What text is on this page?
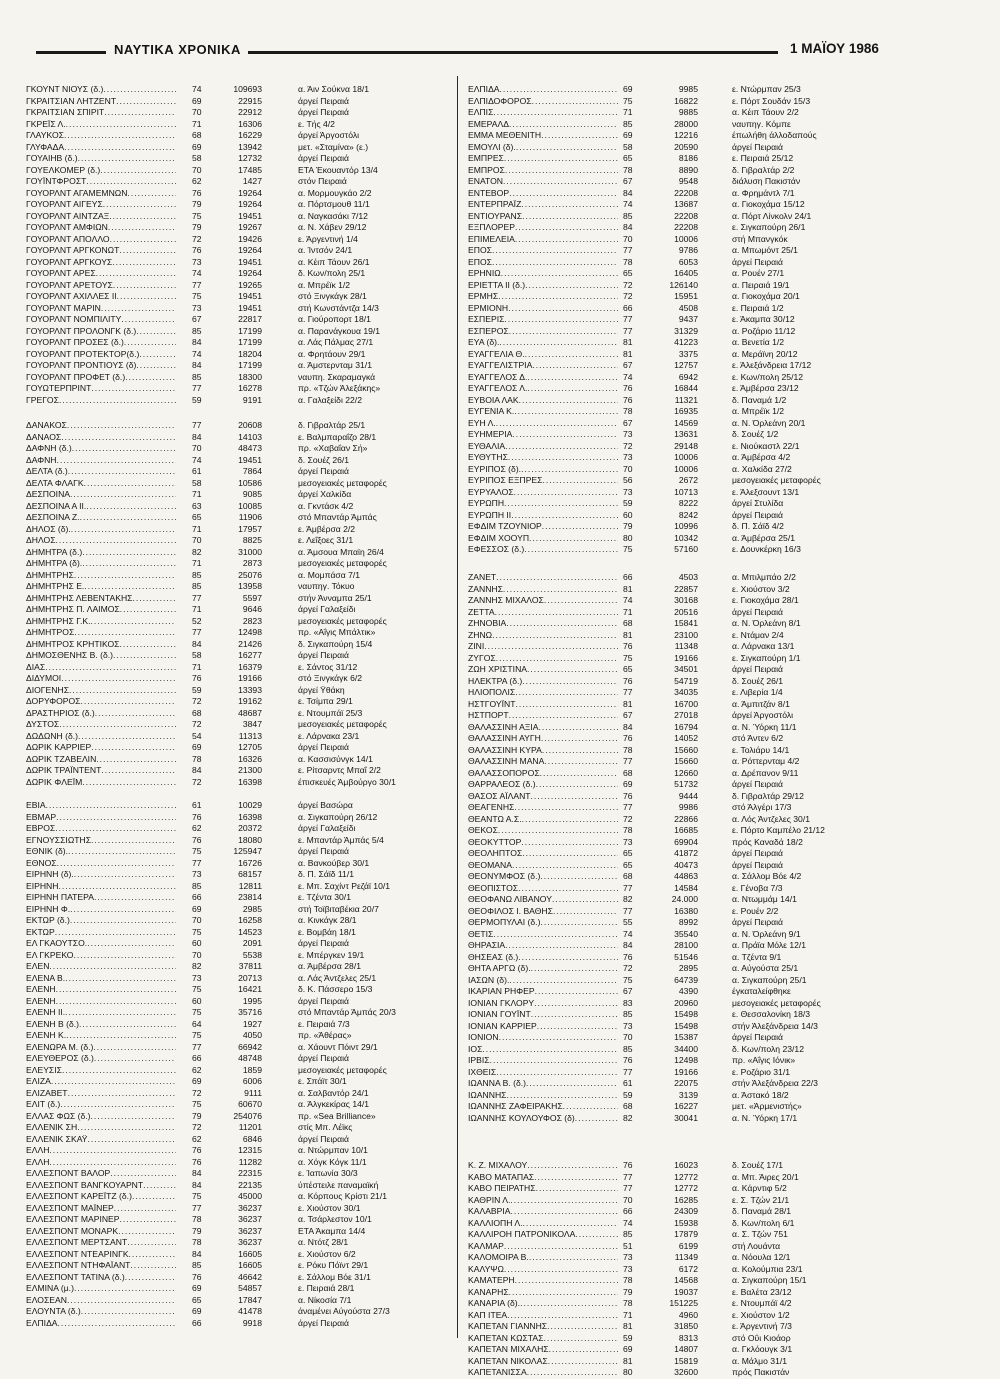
ΝΑΥΤΙΚΑ ΧΡΟΝΙΚΑ	1 ΜΑΪΟΥ 1986
ΓΚΟΥΝΤ ΝΙΟΥΣ (δ.) .....	74	109693	α. Άιν Σούκνα 18/1
ΓΚΡΑΙΤΣΙΑΝ ΛΗΤΖΕΝΤ .....	69	22915	άργεί Πειραιά
ΓΚΡΑΙΤΣΙΑΝ ΣΠΙΡΙΤ .....	70	22912	άργεί Πειραιά
ΓΚΡΕΪΣ Λ. .....	71	16306	ε. Τής 4/2
ΓΛΑΥΚΟΣ .....	68	16229	άργεί Άργοστόλι
ΓΛΥΦΑΔΑ .....	69	13942	μετ. «Σταμίνα» (ε.)
ΓΟΥΑΙΗΒ (δ.) .....	58	12732	άργεί Πειραιά
ΓΟΥΕΛΚΟΜΕΡ (δ.) .....	70	17485	ΕΤΑ Έκουαντόρ 13/4
ΓΟΥΪΝΤΦΡΟΣΤ .....	62	1427	στόν Πειραιά
ΓΟΥΟΡΛΝΤ ΑΓΑΜΕΜΝΩΝ .....	76	19264	α. Μορμουγκάο 2/2
ΓΟΥΟΡΛΝΤ ΑΙΓΕΥΣ .....	79	19264	α. Πόρτσμουθ 11/1
ΓΟΥΟΡΛΝΤ ΑΙΝΤΖΑΞ .....	75	19451	α. Ναγκασάκι 7/12
ΓΟΥΟΡΛΝΤ ΑΜΦΙΩΝ .....	79	19267	α. Ν. Χάβεν 29/12
ΓΟΥΟΡΛΝΤ ΑΠΟΛΛΟ .....	72	19426	ε. Άργεντινή 1/4
ΓΟΥΟΡΛΝΤ ΑΡΓΚΟΝΩΤ .....	76	19264	α. Ίντσόν 24/1
ΓΟΥΟΡΛΝΤ ΑΡΓΚΟΥΣ .....	73	19451	α. Κέιπ Τάουν 26/1
ΓΟΥΟΡΛΝΤ ΑΡΕΣ .....	74	19264	δ. Κων/πολη 25/1
ΓΟΥΟΡΛΝΤ ΑΡΕΤΟΥΣ .....	77	19265	α. Μπρέϊκ 1/2
ΓΟΥΟΡΛΝΤ ΑΧΙΛΛΕΣ ΙΙ .....	75	19451	στό Ξινγκάγκ 28/1
ΓΟΥΟΡΛΝΤ ΜΑΡΙΝ .....	73	19451	στή Κωνστάντζα 14/3
ΓΟΥΟΡΛΝΤ ΝΟΜΠΙΛΙΤΥ .....	67	22817	α. Γιούροπορτ 18/1
ΓΟΥΟΡΛΝΤ ΠΡΟΛΟΝΓΚ (δ.) .....	85	17199	α. Παρανάγκουα 19/1
ΓΟΥΟΡΛΝΤ ΠΡΟΣΕΣ (δ.) .....	84	17199	α. Λάς Πάλμας 27/1
ΓΟΥΟΡΛΝΤ ΠΡΟΤΕΚΤΟΡ(δ.) .....	74	18204	α. Φρητάουν 29/1
ΓΟΥΟΡΛΝΤ ΠΡΟΝΤΙΟΥΣ (δ) .....	84	17199	α. Άμστερνταμ 31/1
ΓΟΥΟΡΛΝΤ ΠΡΟΦΕΤ (δ.) .....	85	18300	ναυπη. Σκαραμαγκά
ΓΟΥΩΤΕΡΠΡΙΝΤ .....	77	16278	πρ. «Τζών Άλεξάκης»
ΓΡΕΓΟΣ .....	59	9191	α. Γαλαξείδι 22/2
ΔΑΝΑΚΟΣ .....	77	20608	δ. Γιβραλτάρ 25/1
ΔΑΝΑΟΣ .....	84	14103	ε. Βαλμπαραΐζο 28/1
ΔΑΦΝΗ (δ.) .....	70	48473	πρ. «Χαβαΐαν Σή»
ΔΑΦΝΗ .....	74	19451	δ. Σουέζ 26/1
ΔΕΛΤΑ (δ.) .....	61	7864	άργεί Πειραιά
ΔΕΛΤΑ ΦΛΑΓΚ .....	58	10586	μεσογειακές μεταφορές
ΔΕΣΠΟΙΝΑ .....	71	9085	άργεί Χαλκίδα
ΔΕΣΠΟΙΝΑ Α ΙΙ. .....	63	10085	α. Γκντάσκ 4/2
ΔΕΣΠΟΙΝΑ Ζ. .....	65	11906	στό Μπαντάρ Άμπάς
ΔΗΛΟΣ (δ). .....	71	17957	ε. Άμβέρσα 2/2
ΔΗΛΟΣ .....	70	8825	ε. Λεΐξοες 31/1
ΔΗΜΗΤΡΑ (δ.) .....	82	31000	α. Άμσουα Μπαϊη 26/4
ΔΗΜΗΤΡΑ (δ). .....	71	2873	μεσογειακές μεταφορές
ΔΗΜΗΤΡΗΣ .....	85	25076	α. Μομπάσα 7/1
ΔΗΜΗΤΡΗΣ Ε. .....	85	13958	ναυπηγ. Τόκυο
ΔΗΜΗΤΡΗΣ ΛΕΒΕΝΤΑΚΗΣ .....	77	5597	στήν Άνναμπα 25/1
ΔΗΜΗΤΡΗΣ Π. ΛΑΙΜΟΣ .....	71	9646	άργεί Γαλαξείδι
ΔΗΜΗΤΡΗΣ Γ.Κ. .....	52	2823	μεσογειακές μεταφορές
ΔΗΜΗΤΡΟΣ .....	77	12498	πρ. «Αΐγις Μπάλτικ»
ΔΗΜΗΤΡΟΣ ΚΡΗΤΙΚΟΣ .....	84	21426	δ. Σιγκαπούρη 15/4
ΔΗΜΟΣΘΕΝΗΣ Β. (δ.) .....	58	16277	άργεί Πειραιά
ΔΙΑΣ .....	71	16379	ε. Σάντος 31/12
ΔΙΔΥΜΟΙ .....	76	19166	στό Ξινγκάγκ 6/2
ΔΙΟΓΕΝΗΣ .....	59	13393	άργεί Ϋθάκη
ΔΟΡΥΦΟΡΟΣ .....	72	19162	ε. Τσίμπα 29/1
ΔΡΑΣΤΗΡΙΟΣ (δ.) .....	68	48687	ε. Ντουμπάϊ 25/3
ΔΥΣΤΟΣ .....	72	3847	μεσογειακές μεταφορές
ΔΩΔΩΝΗ (δ.) .....	54	11313	ε. Λάρνακα 23/1
ΔΩΡΙΚ ΚΑΡΡΙΕΡ .....	69	12705	άργεί Πειραιά
ΔΩΡΙΚ ΤΖΑΒΕΛΙΝ .....	78	16326	α. Κασσισύνγκ 14/1
ΔΩΡΙΚ ΤΡΑΪΝΤΕΝΤ .....	84	21300	ε. Ρίτσαρντς Μπαΐ 2/2
ΔΩΡΙΚ ΦΛΕΪΜ .....	72	16398	έπισκευές Άμβούργο 30/1
ΕΒΙΑ .....	61	10029	άργεί Βασώρα
ΕΒΜΑΡ .....	76	16398	α. Σιγκαπούρη 26/12
ΕΒΡΟΣ .....	62	20372	άργεί Γαλαξείδι
ΕΓΝΟΥΣΣΙΩΤΗΣ .....	76	18080	ε. Μπαντάρ Άμπάς 5/4
ΕΘΝΙΚ (δ). .....	75	125947	άργεί Πειραιά
ΕΘΝΟΣ .....	77	16726	α. Βανκούβερ 30/1
ΕΙΡΗΝΗ (δ). .....	73	68157	δ. Π. Σάϊδ 11/1
ΕΙΡΗΝΗ .....	85	12811	ε. Μπ. Σαχίντ Ρεζάϊ 10/1
ΕΙΡΗΝΗ ΠΑΤΕΡΑ .....	66	23814	ε. Τζέντα 30/1
ΕΙΡΗΝΗ Φ. .....	69	2985	στή Τοϊβιταβέκια 20/7
ΕΚΤΩΡ (δ.) .....	70	16258	α. Κινκάγκ 28/1
ΕΚΤΩΡ .....	75	14523	ε. Βομβάη 18/1
ΕΛ ΓΚΑΟΥΤΣΟ. .....	60	2091	άργεί Πειραιά
ΕΛ ΓΚΡΕΚΟ .....	70	5538	ε. Μπέργκεν 19/1
ΕΛΕΝ .....	82	37811	α. Άμβέρσα 28/1
ΕΛΕΝΑ Β. .....	73	20713	α. Λάς Άντζελες 25/1
ΕΛΕΝΗ .....	75	16421	δ. Κ. Πάσσερο 15/3
ΕΛΕΝΗ .....	60	1995	άργεί Πειραιά
ΕΛΕΝΗ ΙΙ. .....	75	35716	στό Μπαντάρ Άμπάς 20/3
ΕΛΕΝΗ Β (δ.) .....	64	1927	ε. Πειραιά 7/3
ΕΛΕΝΗ Κ. .....	75	4050	πρ. «Άθέρας»
ΕΛΕΝΩΡΑ Μ. (δ.) .....	77	66942	α. Χάουντ Πόιντ 29/1
ΕΛΕΥΘΕΡΟΣ (δ.) .....	66	48748	άργεί Πειραιά
ΕΛΕΥΣΙΣ .....	62	1859	μεσογειακές μεταφορές
ΕΛΙΖΑ .....	69	6006	ε. Σπάϊτ 30/1
ΕΛΙΖΑΒΕΤ .....	72	9111	α. Σαλβαντόρ 24/1
ΕΛΙΤ (δ.) .....	75	60670	α. Άλγκεκίρας 14/1
ΕΛΛΑΣ ΦΩΣ (δ.) .....	79	254076	πρ. «Sea Brilliance»
ΕΛΛΕΝΙΚ ΣΗ .....	72	11201	στίς Μπ. Λέϊκς
ΕΛΛΕΝΙΚ ΣΚΑΫ .....	62	6846	άργεί Πειραιά
ΕΛΛΗ .....	76	12315	α. Ντώρμπαν 10/1
ΕΛΛΗ .....	76	11282	α. Χόγκ Κόγκ 11/1
ΕΛΛΕΣΠΟΝΤ ΒΑΛΟΡ .....	84	22315	ε. Ίαπωνία 30/3
ΕΛΛΕΣΠΟΝΤ ΒΑΝΓΚΟΥΑΡΝΤ .....	84	22135	ύπέστειλε παναμαϊκή
ΕΛΛΕΣΠΟΝΤ ΚΑΡΕΪΤΖ (δ.) .....	75	45000	α. Κόρπους Κρίστι 21/1
ΕΛΛΕΣΠΟΝΤ ΜΑΪΝΕΡ .....	77	36237	ε. Χιούστον 30/1
ΕΛΛΕΣΠΟΝΤ ΜΑΡΙΝΕΡ .....	78	36237	α. Τσάρλεστον 10/1
ΕΛΛΕΣΠΟΝΤ ΜΟΝΑΡΚ .....	79	36237	ΕΤΑ Άκαμπα 14/4
ΕΛΛΕΣΠΟΝΤ ΜΕΡΤΣΑΝΤ .....	78	36237	α. Ντότζ 28/1
ΕΛΛΕΣΠΟΝΤ ΝΤΕΑΡΙΝΓΚ .....	84	16605	ε. Χιούστον 6/2
ΕΛΛΕΣΠΟΝΤ ΝΤΗΦΑΪΑΝΤ .....	85	16605	ε. Ρόκυ Πόϊντ 29/1
ΕΛΛΕΣΠΟΝΤ ΤΑΤΙΝΑ (δ.) .....	76	46642	ε. Σάλλομ Βόε 31/1
ΕΛΜΙΝΑ (μ.) .....	69	54857	ε. Πειραιά 28/1
ΕΛΟΣΕΑΝ .....	65	17847	α. Νίκοσία 7/1
ΕΛΟΥΝΤΑ (δ.) .....	69	41478	άναμένει Αύγούστα 27/3
ΕΛΠΙΔΑ .....	66	9918	άργεί Πειραιά
ΕΛΠΙΔΑ .....	69	9985	ε. Ντώρμπαν 25/3
ΕΛΠΙΔΟΦΟΡΟΣ .....	75	16822	ε. Πόρτ Σουδάν 15/3
ΕΛΠΙΣ .....	71	9885	α. Κέιπ Τάουν 2/2
ΕΜΕΡΑΛΔ .....	85	28000	ναυπηγ. Κόμπε
ΕΜΜΑ ΜΕΘΕΝΙΤΗ .....	69	12216	έπωλήθη άλλοδαπούς
ΕΜΟΥΛΙ (δ). .....	58	20590	άργεί Πειραιά
ΕΜΠΡΕΣ .....	65	8186	ε. Πειραιά 25/12
ΕΜΠΡΟΣ .....	78	8890	δ. Γιβραλτάρ 2/2
ΕΝΑΤΟΝ .....	67	9548	διάλυση Πακιστάν
ΕΝΤΕΒΟΡ .....	84	22208	α. Φρημάντλ 7/1
ΕΝΤΕΡΠΡΑΪΖ .....	74	13687	α. Γιοκοχάμα 15/12
ΕΝΤΙΟΥΡΑΝΣ .....	85	22208	α. Πόρτ Λίνκολν 24/1
ΕΞΠΛΟΡΕΡ .....	84	22208	ε. Σιγκαπούρη 26/1
ΕΠΙΜΕΛΕΙΑ .....	70	10006	στή Μπανγκόκ
ΕΠΟΣ .....	77	9786	α. Μπωμόντ 25/1
ΕΠΟΣ .....	78	6053	άργεί Πειραιά
ΕΡΗΝΙΩ .....	65	16405	α. Ρουέν 27/1
ΕΡΙΕΤΤΑ ΙΙ (δ.) .....	72	126140	α. Πειραιά 19/1
ΕΡΜΗΣ .....	72	15951	α. Γιοκοχάμα 20/1
ΕΡΜΙΟΝΗ .....	66	4508	ε. Πειραιά 1/2
ΕΣΠΕΡΙΣ .....	77	9437	ε. Άκαμπα 30/12
ΕΣΠΕΡΟΣ .....	77	31329	α. Ροζάριο 11/12
ΕΥΑ (δ). .....	81	41223	α. Βενετία 1/2
ΕΥΑΓΓΕΛΙΑ Θ. .....	81	3375	α. Μεράϊνη 20/12
ΕΥΑΓΓΕΛΙΣΤΡΙΑ .....	67	12757	ε. Άλεξάνδρεια 17/12
ΕΥΑΓΓΕΛΟΣ Δ. .....	74	6942	ε. Κων/πολη 25/12
ΕΥΑΓΓΕΛΟΣ Λ. .....	76	16844	ε. Άμβέρσα 23/12
ΕΥΒΟΙΑ ΛΑΚ .....	76	11321	δ. Παναμά 1/2
ΕΥΓΕΝΙΑ Κ. .....	78	16935	α. Μπρέϊκ 1/2
ΕΥΗ Λ. .....	67	14569	α. Ν. Όρλεάνη 20/1
ΕΥΗΜΕΡΙΑ .....	73	13631	δ. Σουέζ 1/2
ΕΥΘΑΛΙΑ .....	72	29148	ε. Νιούκαστλ 22/1
ΕΥΘΥΤΗΣ .....	73	10006	α. Άμβέρσα 4/2
ΕΥΡΙΠΟΣ (δ). .....	70	10006	α. Χαλκίδα 27/2
ΕΥΡΙΠΟΣ ΕΞΠΡΕΣ .....	56	2672	μεσογειακές μεταφορές
ΕΥΡΥΑΛΟΣ .....	73	10713	ε. Άλεξσουντ 13/1
ΕΥΡΩΠΗ .....	59	8222	άργεί Στυλίδα
ΕΥΡΩΠΗ ΙΙ .....	60	8242	άργεί Πειραιά
ΕΦΔΙΜ ΤΖΟΥΝΙΟΡ .....	79	10996	δ. Π. Σάϊδ 4/2
ΕΦΔΙΜ ΧΟΟΥΠ .....	80	10342	α. Άμβέρσα 25/1
ΕΦΕΣΣΟΣ (δ.) .....	75	57160	ε. Δουνκέρκη 16/3
ΖΑΝΕΤ .....	66	4503	α. Μπιλμπάο 2/2
ΖΑΝΝΗΣ .....	81	22857	ε. Χιούστον 3/2
ΖΑΝΝΗΣ ΜΙΧΑΛΟΣ .....	74	30168	ε. Γιοκοχάμα 28/1
ΖΕΤΤΑ .....	71	20516	άργεί Πειραιά
ΖΗΝΟΒΙΑ .....	68	15841	α. Ν. Όρλεάνη 8/1
ΖΗΝΩ .....	81	23100	ε. Ντάμαν 2/4
ΖΙΝΙ .....	76	11348	α. Λάρνακα 13/1
ΖΥΓΟΣ .....	75	19166	ε. Σιγκαπούρη 1/1
ΖΩΗ ΧΡΙΣΤΙΝΑ .....	65	34501	άργεί Πειραιά
ΗΛΕΚΤΡΑ (δ.) .....	76	54719	δ. Σουέζ 26/1
ΗΛΙΟΠΟΛΙΣ .....	77	34035	ε. Λιβερία 1/4
ΗΣΤΓΟΥΪΝΤ .....	81	16700	α. Άμπιτζάν 8/1
ΗΣΤΠΟΡΤ .....	67	27018	άργεί Άργοστόλι
ΘΑΛΑΣΣΙΝΗ ΑΞΙΑ .....	84	16794	α. Ν. Ύόρκη 11/1
ΘΑΛΑΣΣΙΝΗ ΑΥΓΗ .....	76	14052	στό Άντεν 6/2
ΘΑΛΑΣΣΙΝΗ ΚΥΡΑ .....	78	15660	ε. Τολιάρυ 14/1
ΘΑΛΑΣΣΙΝΗ ΜΑΝΑ .....	77	15660	α. Ρόττερνταμ 4/2
ΘΑΛΑΣΣΟΠΟΡΟΣ .....	68	12660	α. Δρέπανον 9/11
ΘΑΡΡΑΛΕΟΣ (δ.) .....	69	51732	άργεί Πειραιά
ΘΑΣΟΣ ΑΪΛΑΝΤ .....	76	9444	δ. Γιβραλτάρ 29/12
ΘΕΑΓΕΝΗΣ .....	77	9986	στό Άλγέρι 17/3
ΘΕΑΝΤΩ Α.Σ. .....	72	22866	α. Λός Άντζελες 30/1
ΘΕΚΟΣ .....	78	16685	ε. Πόρτο Καμπέλο 21/12
ΘΕΟΚΥΤΤΟΡ .....	73	69904	πρός Καναδά 18/2
ΘΕΟΛΗΠΤΟΣ .....	65	41872	άργεί Πειραιά
ΘΕΟΜΑΝΑ .....	65	40473	άργεί Πειραιά
ΘΕΟΝΥΜΦΟΣ (δ.) .....	68	44863	α. Σάλλομ Βόε 4/2
ΘΕΟΠΙΣΤΟΣ .....	77	14584	ε. Γένοβα 7/3
ΘΕΟΦΑΝΩ ΛΙΒΑΝΟΥ .....	82	24.000	α. Ντωμμάμ 14/1
ΘΕΟΦΙΛΟΣ Ι. ΒΑΘΗΣ .....	77	16380	ε. Ρουέν 2/2
ΘΕΡΜΟΠΥΛΑΙ (δ.) .....	55	8992	άργεί Πειραιά
ΘΕΤΙΣ .....	74	35540	α. Ν. Όρλεάνη 9/1
ΘΗΡΑΣΙΑ .....	84	28100	α. Πράϊα Μόλε 12/1
ΘΗΣΕΑΣ (δ.) .....	76	51546	α. Τζέντα 9/1
ΘΗΤΑ ΑΡΓΩ (δ). .....	72	2895	α. Αύγούστα 25/1
ΙΑΣΩΝ (δ). .....	75	64739	α. Σιγκαπούρη 25/1
ΙΚΑΡΙΑΝ ΡΗΦΕΡ .....	67	4390	έγκαταλείφθηκε
ΙΟΝΙΑΝ ΓΚΛΟΡΥ .....	83	20960	μεσογειακές μεταφορές
ΙΟΝΙΑΝ ΓΟΥΪΝΤ .....	85	15498	ε. Θεσσαλονίκη 18/3
ΙΟΝΙΑΝ ΚΑΡΡΙΕΡ .....	73	15498	στήν Άλεξάνδρεια 14/3
ΙΟΝΙΟΝ .....	70	15387	άργεί Πειραιά
ΙΟΣ .....	85	34400	δ. Κων/πολη 23/12
ΙΡΒΙΣ .....	76	12498	πρ. «Αΐγις Ιόνικ»
ΙΧΘΕΙΣ .....	77	19166	ε. Ροζάριο 31/1
ΙΩΑΝΝΑ Β. (δ.) .....	61	22075	στήν Άλεξάνδρεια 22/3
ΙΩΑΝΝΗΣ .....	59	3139	α. Άστακό 18/2
ΙΩΑΝΝΗΣ ΖΑΦΕΙΡΑΚΗΣ .....	68	16227	μετ. «Άρμενιστής»
ΙΩΑΝΝΗΣ ΚΟΥΛΟΥΦΟΣ (δ) .....	82	30041	α. Ν. Ύόρκη 17/1
Κ. Ζ. ΜΙΧΑΛΟΥ .....	76	16023	δ. Σουέζ 17/1
ΚΑΒΟ ΜΑΤΑΠΑΣ .....	77	12772	α. Μπ. Άιρες 20/1
ΚΑΒΟ ΠΕΙΡΑΤΗΣ .....	77	12772	α. Κάρντιφ 5/2
ΚΑΘΡΙΝ Λ. .....	70	16285	ε. Σ. Τζών 21/1
ΚΑΛΑΒΡΙΑ .....	66	24309	δ. Παναμά 28/1
ΚΑΛΛΙΟΠΗ Λ. .....	74	15938	δ. Κων/πολη 6/1
ΚΑΛΛΙΡΟΗ ΠΑΤΡΟΝΙΚΟΛΑ .....	85	17879	α. Σ. Τζών 751
ΚΑΛΜΑΡ .....	51	6199	στή Λουάντα
ΚΑΛΟΜΟΙΡΑ Β. .....	73	11349	α. Νόουλα 12/1
ΚΑΛΥΨΩ .....	73	6172	α. Κολούμπια 23/1
ΚΑΜΑΤΕΡΗ .....	78	14568	α. Σιγκαπούρη 15/1
ΚΑΝΑΡΗΣ .....	79	19037	ε. Βαλέτα 23/12
ΚΑΝΑΡΙΑ (δ). .....	78	151225	ε. Ντουμπάϊ 4/2
ΚΑΠ ΙΤΕΑ .....	71	4960	ε. Χιούστον 1/2
ΚΑΠΕΤΑΝ ΓΙΑΝΝΗΣ .....	81	31850	ε. Άργεντινή 7/3
ΚΑΠΕΤΑΝ ΚΩΣΤΑΣ .....	59	8313	στό Οΰι Κιοάορ
ΚΑΠΕΤΑΝ ΜΙΧΑΛΗΣ .....	69	14807	α. Γκλόουγκ 3/1
ΚΑΠΕΤΑΝ ΝΙΚΟΛΑΣ .....	81	15819	α. Μάλμο 31/1
ΚΑΠΕΤΑΝΙΣΣΑ .....	80	32600	πρός Πακιστάν
